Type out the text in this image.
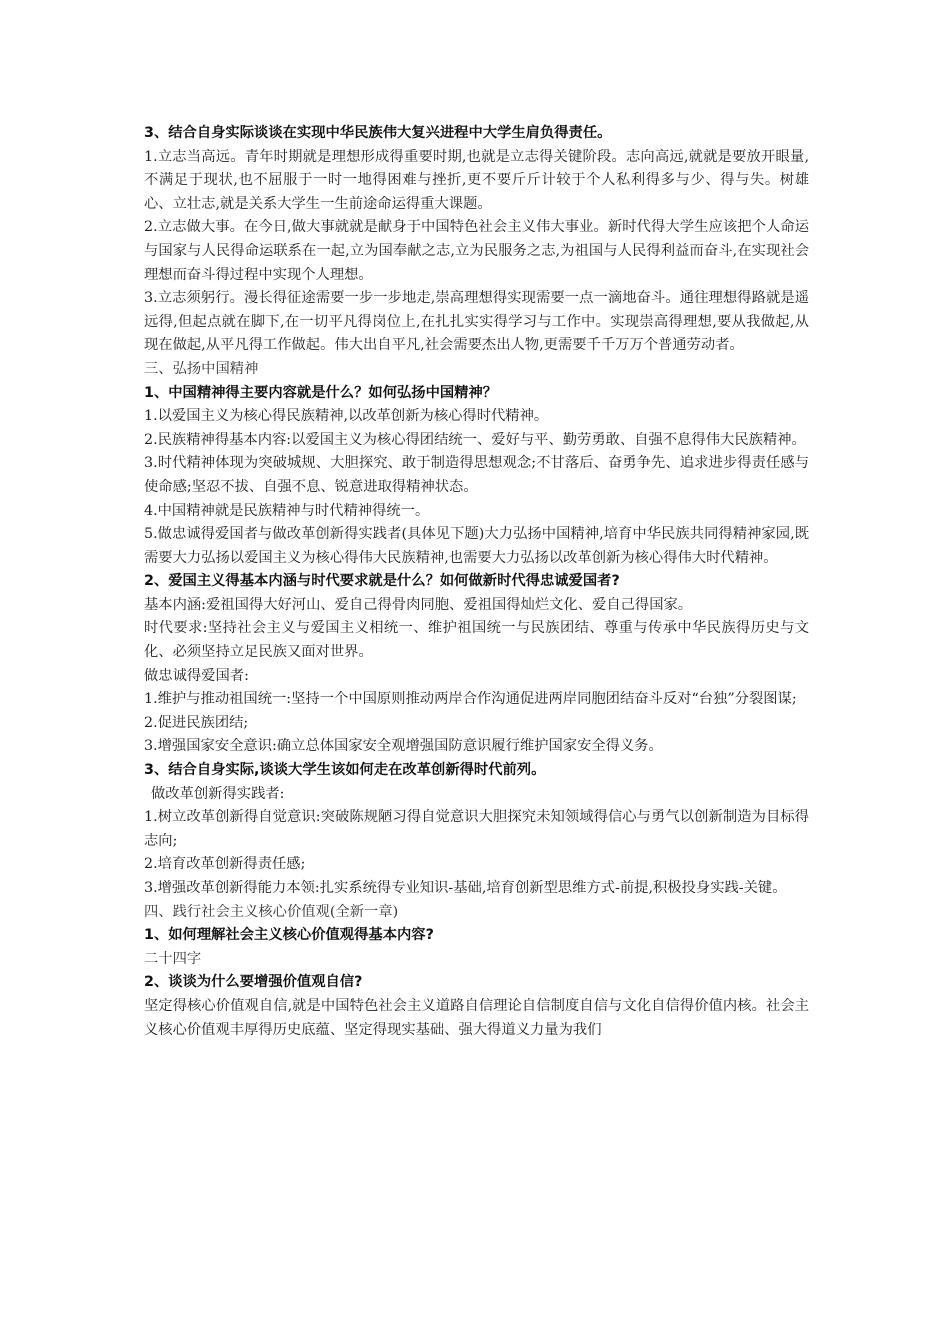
3、结合自身实际谈谈在实现中华民族伟大复兴进程中大学生肩负得责任。

1.立志当高远。青年时期就是理想形成得重要时期,也就是立志得关键阶段。志向高远,就就是要放开眼量,不满足于现状,也不屈服于一时一地得困难与挫折,更不要斤斤计较于个人私利得多与少、得与失。树雄心、立壮志,就是关系大学生一生前途命运得重大课题。

2.立志做大事。在今日,做大事就就是献身于中国特色社会主义伟大事业。新时代得大学生应该把个人命运与国家与人民得命运联系在一起,立为国奉献之志,立为民服务之志,为祖国与人民得利益而奋斗,在实现社会理想而奋斗得过程中实现个人理想。

3.立志须躬行。漫长得征途需要一步一步地走,崇高理想得实现需要一点一滴地奋斗。通往理想得路就是遥远得,但起点就在脚下,在一切平凡得岗位上,在扎扎实实得学习与工作中。实现崇高得理想,要从我做起,从现在做起,从平凡得工作做起。伟大出自平凡,社会需要杰出人物,更需要千千万万个普通劳动者。

三、弘扬中国精神

1、中国精神得主要内容就是什么？如何弘扬中国精神？

1.以爱国主义为核心得民族精神,以改革创新为核心得时代精神。

2.民族精神得基本内容:以爱国主义为核心得团结统一、爱好与平、勤劳勇敢、自强不息得伟大民族精神。

3.时代精神体现为突破城规、大胆探究、敢于制造得思想观念;不甘落后、奋勇争先、追求进步得责任感与使命感;坚忍不拔、自强不息、锐意进取得精神状态。

4.中国精神就是民族精神与时代精神得统一。

5.做忠诚得爱国者与做改革创新得实践者(具体见下题)大力弘扬中国精神,培育中华民族共同得精神家园,既需要大力弘扬以爱国主义为核心得伟大民族精神,也需要大力弘扬以改革创新为核心得伟大时代精神。

2、爱国主义得基本内涵与时代要求就是什么？如何做新时代得忠诚爱国者?

基本内涵:爱祖国得大好河山、爱自己得骨肉同胞、爱祖国得灿烂文化、爱自己得国家。

时代要求:坚持社会主义与爱国主义相统一、维护祖国统一与民族团结、尊重与传承中华民族得历史与文化、必须坚持立足民族又面对世界。

做忠诚得爱国者:

1.维护与推动祖国统一:坚持一个中国原则推动两岸合作沟通促进两岸同胞团结奋斗反对“台独”分裂图谋;

2.促进民族团结;

3.增强国家安全意识:确立总体国家安全观增强国防意识履行维护国家安全得义务。

3、结合自身实际,谈谈大学生该如何走在改革创新得时代前列。

做改革创新得实践者:

1.树立改革创新得自觉意识:突破陈规陋习得自觉意识大胆探究未知领域得信心与勇气以创新制造为目标得志向;

2.培育改革创新得责任感;

3.增强改革创新得能力本领:扎实系统得专业知识-基础,培育创新型思维方式-前提,积极投身实践-关键。

四、践行社会主义核心价值观(全新一章)

1、如何理解社会主义核心价值观得基本内容?

二十四字

2、谈谈为什么要增强价值观自信?

坚定得核心价值观自信,就是中国特色社会主义道路自信理论自信制度自信与文化自信得价值内核。社会主义核心价值观丰厚得历史底蕴、坚定得现实基础、强大得道义力量为我们
